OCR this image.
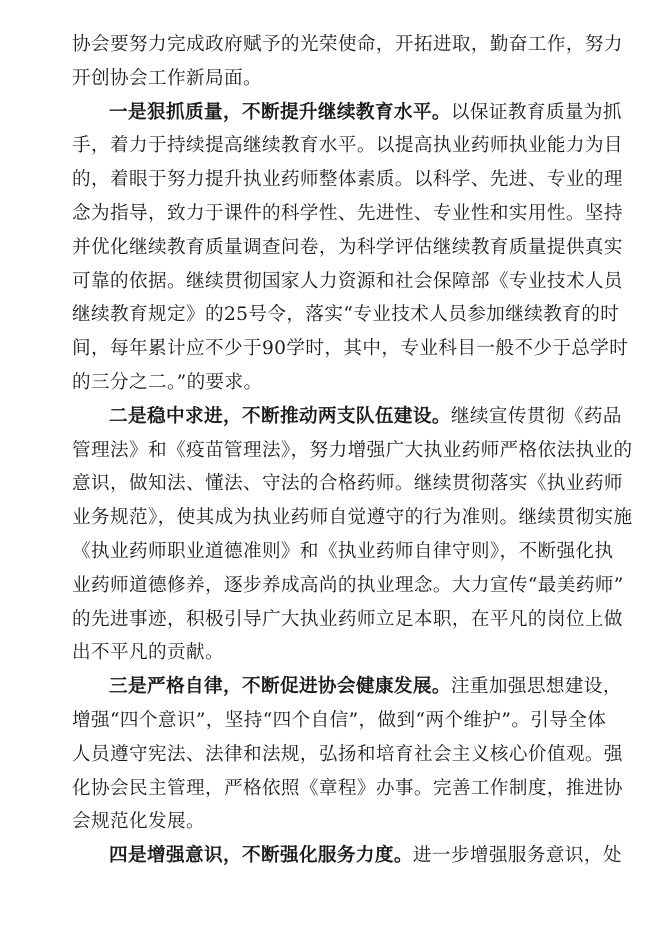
协会要努力完成政府赋予的光荣使命，开拓进取，勤奋工作，努力
开创协会工作新局面。
一是狠抓质量，不断提升继续教育水平。以保证教育质量为抓
手，着力于持续提高继续教育水平。以提高执业药师执业能力为目
的，着眼于努力提升执业药师整体素质。以科学、先进、专业的理
念为指导，致力于课件的科学性、先进性、专业性和实用性。坚持
并优化继续教育质量调查问卷，为科学评估继续教育质量提供真实
可靠的依据。继续贯彻国家人力资源和社会保障部《专业技术人员
继续教育规定》的25号令，落实“专业技术人员参加继续教育的时
间，每年累计应不少于90学时，其中，专业科目一般不少于总学时
的三分之二。”的要求。
二是稳中求进，不断推动两支队伍建设。继续宣传贯彻《药品
管理法》和《疫苗管理法》，努力增强广大执业药师严格依法执业的
意识，做知法、懂法、守法的合格药师。继续贯彻落实《执业药师
业务规范》，使其成为执业药师自觉遵守的行为准则。继续贯彻实施
《执业药师职业道德准则》和《执业药师自律守则》，不断强化执
业药师道德修养，逐步养成高尚的执业理念。大力宣传“最美药师”
的先进事迹，积极引导广大执业药师立足本职，在平凡的岗位上做
出不平凡的贡献。
三是严格自律，不断促进协会健康发展。注重加强思想建设，
增强“四个意识”，坚持“四个自信”，做到“两个维护”。引导全体
人员遵守宪法、法律和法规，弘扬和培育社会主义核心价值观。强
化协会民主管理，严格依照《章程》办事。完善工作制度，推进协
会规范化发展。
四是增强意识，不断强化服务力度。进一步增强服务意识，处
